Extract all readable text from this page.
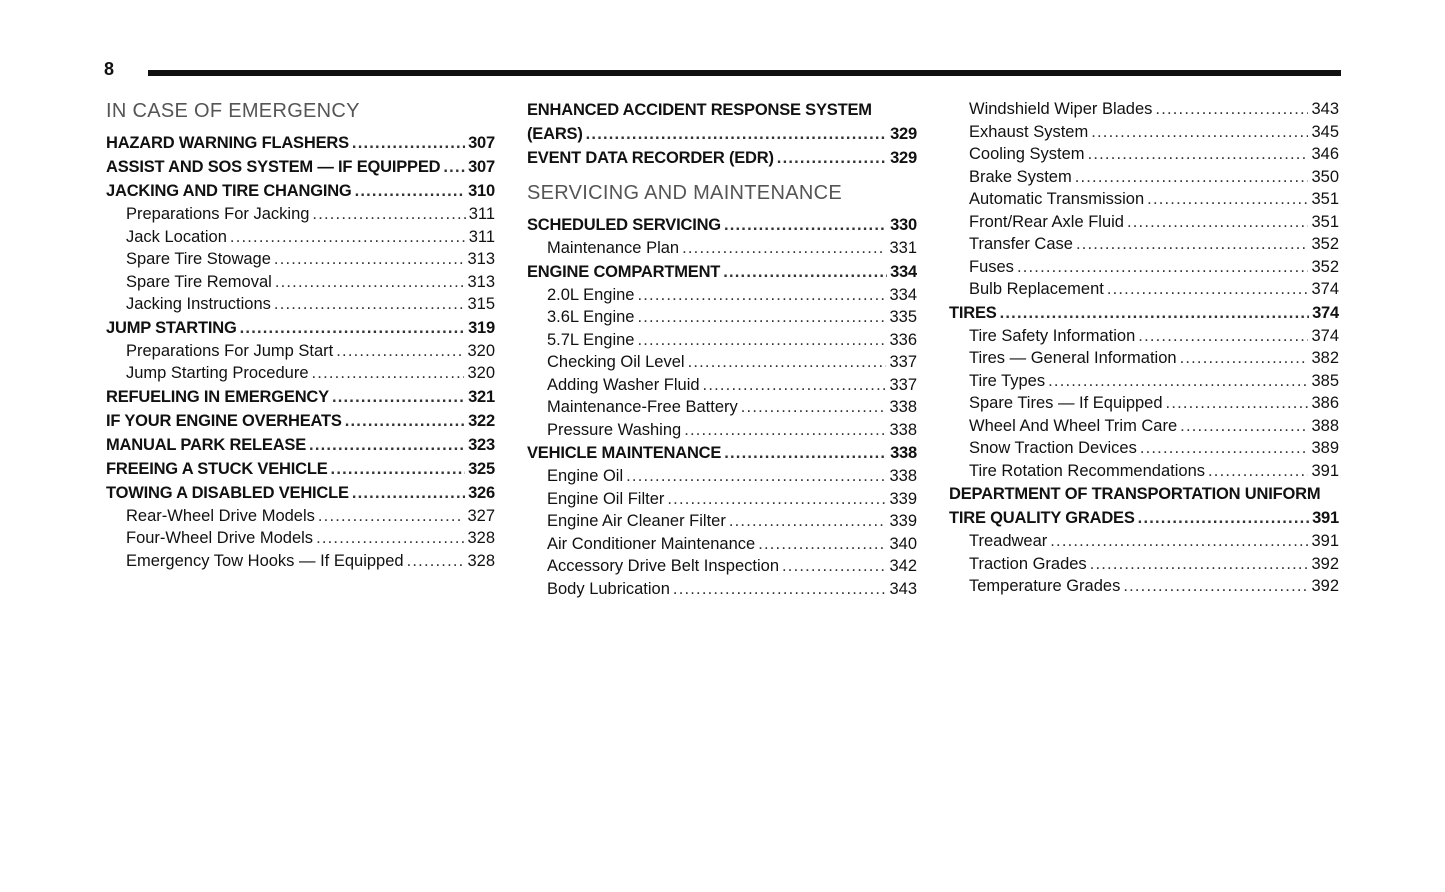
8
IN CASE OF EMERGENCY
HAZARD WARNING FLASHERS .....	307
ASSIST AND SOS SYSTEM — IF EQUIPPED ..... 307
JACKING AND TIRE CHANGING .....	310
Preparations For Jacking .....	311
Jack Location .....	311
Spare Tire Stowage .....	313
Spare Tire Removal .....	313
Jacking Instructions .....	315
JUMP STARTING .....	319
Preparations For Jump Start .....	320
Jump Starting Procedure .....	320
REFUELING IN EMERGENCY .....	321
IF YOUR ENGINE OVERHEATS .....	322
MANUAL PARK RELEASE .....	323
FREEING A STUCK VEHICLE .....	325
TOWING A DISABLED VEHICLE .....	326
Rear-Wheel Drive Models .....	327
Four-Wheel Drive Models .....	328
Emergency Tow Hooks — If Equipped .....	328
ENHANCED ACCIDENT RESPONSE SYSTEM
(EARS) .....	329
EVENT DATA RECORDER (EDR) .....	329
SERVICING AND MAINTENANCE
SCHEDULED SERVICING .....	330
Maintenance Plan .....	331
ENGINE COMPARTMENT .....	334
2.0L Engine .....	334
3.6L Engine .....	335
5.7L Engine .....	336
Checking Oil Level .....	337
Adding Washer Fluid .....	337
Maintenance-Free Battery .....	338
Pressure Washing .....	338
VEHICLE MAINTENANCE .....	338
Engine Oil .....	338
Engine Oil Filter .....	339
Engine Air Cleaner Filter .....	339
Air Conditioner Maintenance .....	340
Accessory Drive Belt Inspection .....	342
Body Lubrication .....	343
Windshield Wiper Blades .....	343
Exhaust System .....	345
Cooling System .....	346
Brake System .....	350
Automatic Transmission .....	351
Front/Rear Axle Fluid .....	351
Transfer Case .....	352
Fuses .....	352
Bulb Replacement .....	374
TIRES .....	374
Tire Safety Information .....	374
Tires — General Information .....	382
Tire Types .....	385
Spare Tires — If Equipped .....	386
Wheel And Wheel Trim Care .....	388
Snow Traction Devices .....	389
Tire Rotation Recommendations .....	391
DEPARTMENT OF TRANSPORTATION UNIFORM
TIRE QUALITY GRADES .....	391
Treadwear .....	391
Traction Grades .....	392
Temperature Grades .....	392
